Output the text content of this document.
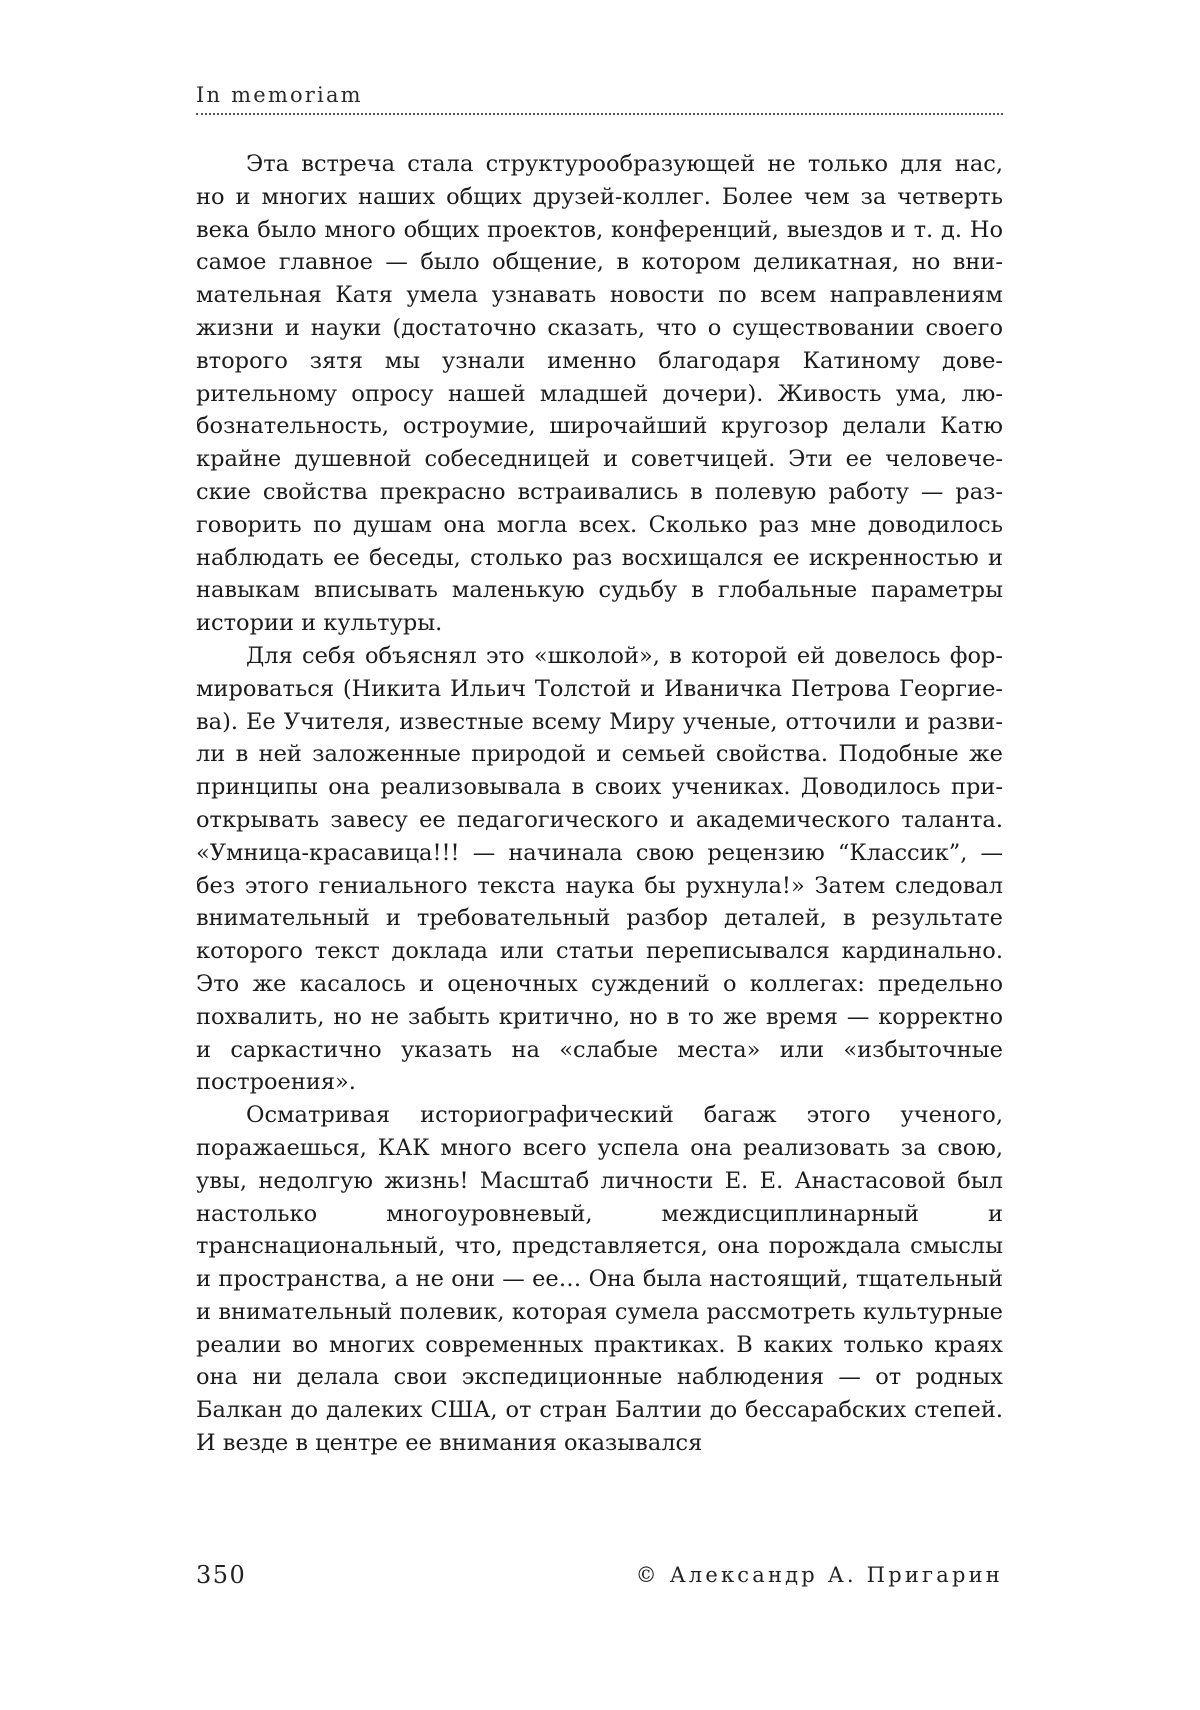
In memoriam

Эта встреча стала структурообразующей не только для нас, но и многих наших общих друзей-коллег. Более чем за четверть века было много общих проектов, конференций, выездов и т. д. Но самое главное — было общение, в котором деликатная, но внимательная Катя умела узнавать новости по всем направлениям жизни и науки (достаточно сказать, что о существовании своего второго зятя мы узнали именно благодаря Катиному доверительному опросу нашей младшей дочери). Живость ума, любознательность, остроумие, широчайший кругозор делали Катю крайне душевной собеседницей и советчицей. Эти ее человеческие свойства прекрасно встраивались в полевую работу — разговорить по душам она могла всех. Сколько раз мне доводилось наблюдать ее беседы, столько раз восхищался ее искренностью и навыкам вписывать маленькую судьбу в глобальные параметры истории и культуры.

Для себя объяснял это «школой», в которой ей довелось формироваться (Никита Ильич Толстой и Иваничка Петрова Георгиева). Ее Учителя, известные всему Миру ученые, отточили и развили в ней заложенные природой и семьей свойства. Подобные же принципы она реализовывала в своих учениках. Доводилось приоткрывать завесу ее педагогического и академического таланта. «Умница-красавица!!! — начинала свою рецензию “Классик”, — без этого гениального текста наука бы рухнула!» Затем следовал внимательный и требовательный разбор деталей, в результате которого текст доклада или статьи переписывался кардинально. Это же касалось и оценочных суждений о коллегах: предельно похвалить, но не забыть критично, но в то же время — корректно и саркастично указать на «слабые места» или «избыточные построения».

Осматривая историографический багаж этого ученого, поражаешься, КАК много всего успела она реализовать за свою, увы, недолгую жизнь! Масштаб личности Е. Е. Анастасовой был настолько многоуровневый, междисциплинарный и транснациональный, что, представляется, она порождала смыслы и пространства, а не они — ее… Она была настоящий, тщательный и внимательный полевик, которая сумела рассмотреть культурные реалии во многих современных практиках. В каких только краях она ни делала свои экспедиционные наблюдения — от родных Балкан до далеких США, от стран Балтии до бессарабских степей. И везде в центре ее внимания оказывался

350	© Александр А. Пригарин
